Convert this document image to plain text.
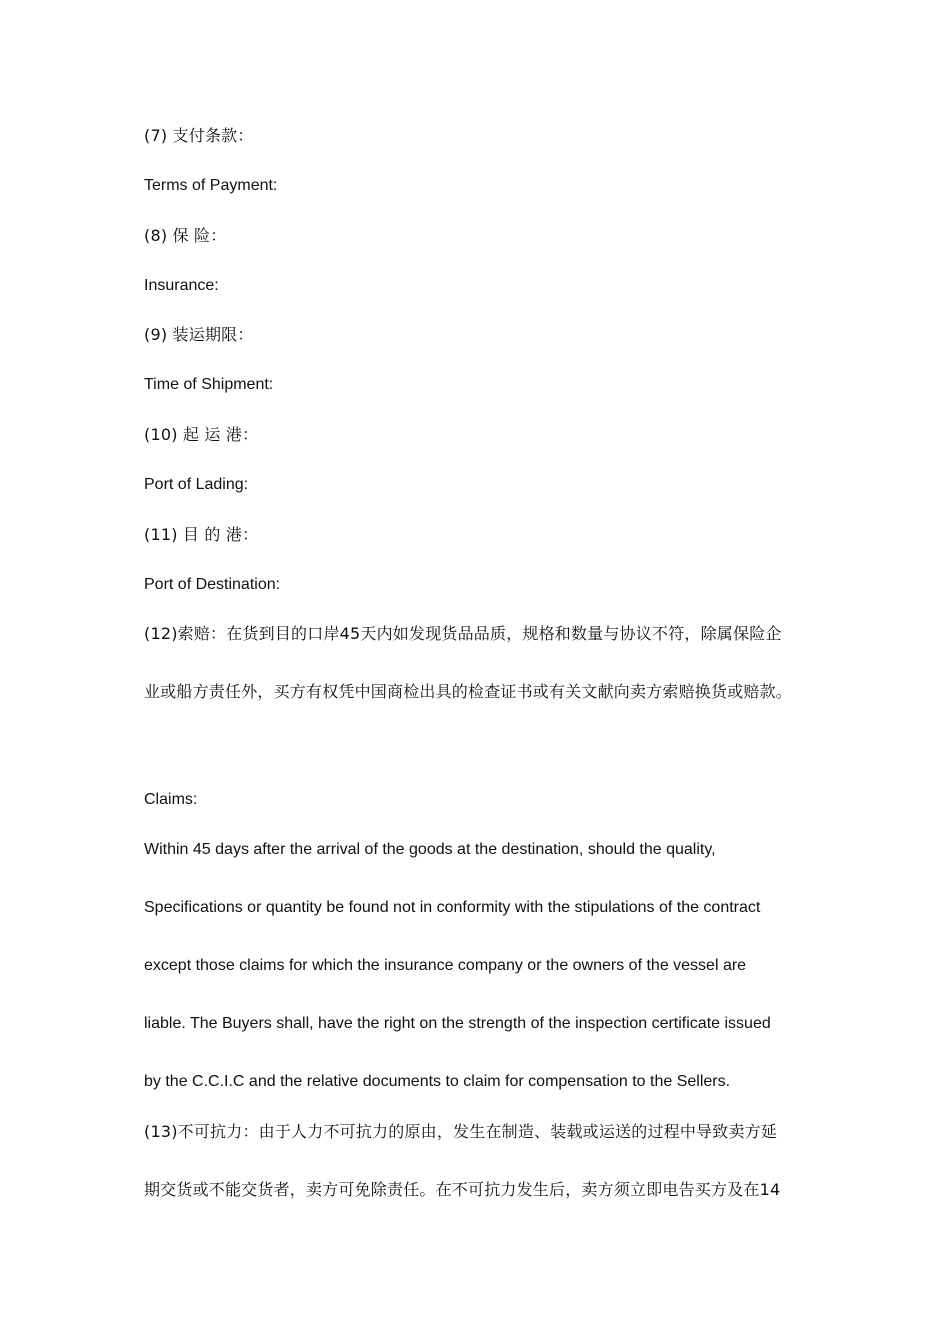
(7) 支付条款：

Terms of Payment:

(8) 保 险：

Insurance:

(9) 装运期限：

Time of Shipment:

(10) 起 运 港：

Port of Lading:

(11) 目 的 港：

Port of Destination:

(12)索赔：在货到目的口岸45天内如发现货品品质，规格和数量与协议不符，除属保险企

业或船方责任外，买方有权凭中国商检出具的检查证书或有关文献向卖方索赔换货或赔款。

Claims:

Within 45 days after the arrival of the goods at the destination, should the quality,

Specifications or quantity be found not in conformity with the stipulations of the contract

except those claims for which the insurance company or the owners of the vessel are

liable. The Buyers shall, have the right on the strength of the inspection certificate issued

by the C.C.I.C and the relative documents to claim for compensation to the Sellers.

(13)不可抗力：由于人力不可抗力的原由，发生在制造、装载或运送的过程中导致卖方延

期交货或不能交货者，卖方可免除责任。在不可抗力发生后，卖方须立即电告买方及在14
